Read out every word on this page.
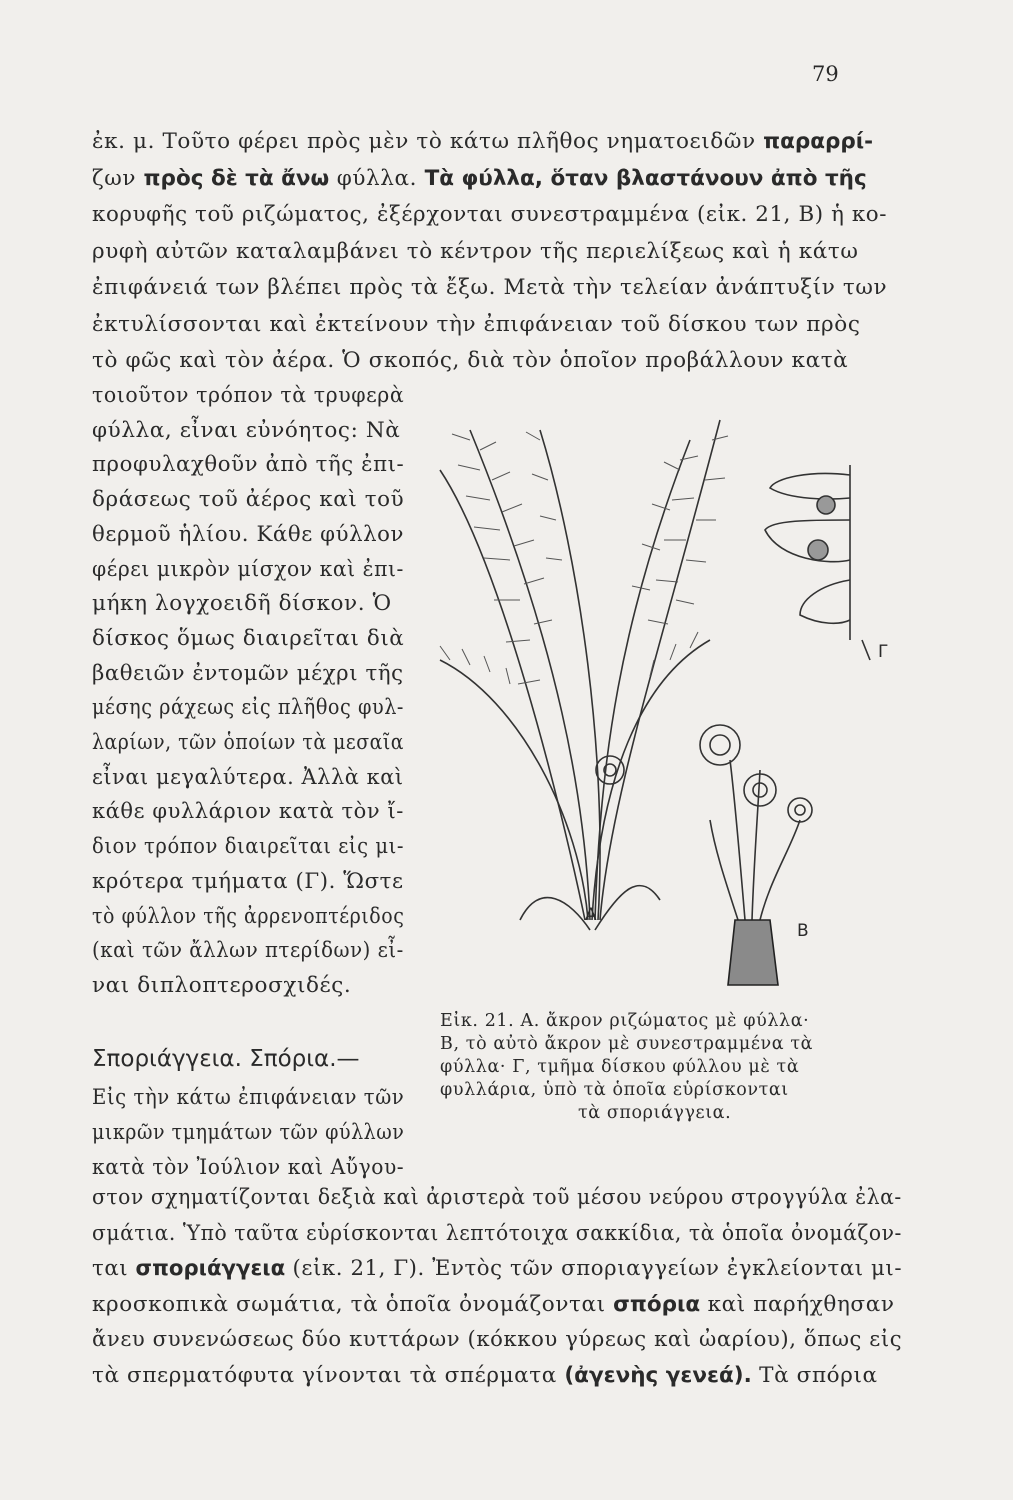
79
ἐκ. μ. Τοῦτο φέρει πρὸς μὲν τὸ κάτω πλῆθος νηματοειδῶν παραρρί-
ζων πρὸς δὲ τὰ ἄνω φύλλα. Τὰ φύλλα, ὅταν βλαστάνουν ἀπὸ τῆς
κορυφῆς τοῦ ριζώματος, ἐξέρχονται συνεστραμμένα (εἰκ. 21, Β) ἡ κο-
ρυφὴ αὐτῶν καταλαμβάνει τὸ κέντρον τῆς περιελίξεως καὶ ἡ κάτω
ἐπιφάνειά των βλέπει πρὸς τὰ ἔξω. Μετὰ τὴν τελείαν ἀνάπτυξίν των
ἐκτυλίσσονται καὶ ἐκτείνουν τὴν ἐπιφάνειαν τοῦ δίσκου των πρὸς
τὸ φῶς καὶ τὸν ἀέρα. Ὁ σκοπός, διὰ τὸν ὁποῖον προβάλλουν κατὰ
τοιοῦτον τρόπον τὰ τρυφερὰ
φύλλα, εἶναι εὐνόητος: Νὰ
προφυλαχθοῦν ἀπὸ τῆς ἐπι-
δράσεως τοῦ ἀέρος καὶ τοῦ
θερμοῦ ἡλίου. Κάθε φύλλον
φέρει μικρὸν μίσχον καὶ ἐπι-
μήκη λογχοειδῆ δίσκον. Ὁ
δίσκος ὅμως διαιρεῖται διὰ
βαθειῶν ἐντομῶν μέχρι τῆς
μέσης ράχεως εἰς πλῆθος φυλ-
λαρίων, τῶν ὁποίων τὰ μεσαῖα
εἶναι μεγαλύτερα. Ἀλλὰ καὶ
κάθε φυλλάριον κατὰ τὸν ἴ-
διον τρόπον διαιρεῖται εἰς μι-
κρότερα τμήματα (Γ). Ὥστε
τὸ φύλλον τῆς ἀρρενοπτέριδος
(καὶ τῶν ἄλλων πτερίδων) εἶ-
ναι διπλοπτεροσχιδές.
Σποριάγγεια. Σπόρια.—
Εἰς τὴν κάτω ἐπιφάνειαν τῶν
μικρῶν τμημάτων τῶν φύλλων
κατὰ τὸν Ἰούλιον καὶ Αὔγου-
στον σχηματίζονται δεξιὰ καὶ ἀριστερὰ τοῦ μέσου νεύρου στρογγύλα ἐλα-
σμάτια. Ὑπὸ ταῦτα εὑρίσκονται λεπτότοιχα σακκίδια, τὰ ὁποῖα ὀνομάζον-
ται σποριάγγεια (εἰκ. 21, Γ). Ἐντὸς τῶν σποριαγγείων ἐγκλείονται μι-
κροσκοπικὰ σωμάτια, τὰ ὁποῖα ὀνομάζονται σπόρια καὶ παρήχθησαν
ἄνευ συνενώσεως δύο κυττάρων (κόκκου γύρεως καὶ ὠαρίου), ὅπως εἰς
τὰ σπερματόφυτα γίνονται τὰ σπέρματα (ἀγενὴς γενεά). Τὰ σπόρια
Εἰκ. 21. Α. ἄκρον ριζώματος μὲ φύλλα·
Β, τὸ αὐτὸ ἄκρον μὲ συνεστραμμένα τὰ
φύλλα· Γ, τμῆμα δίσκου φύλλου μὲ τὰ
φυλλάρια, ὑπὸ τὰ ὁποῖα εὑρίσκονται
τὰ σποριάγγεια.
A
B
Γ
